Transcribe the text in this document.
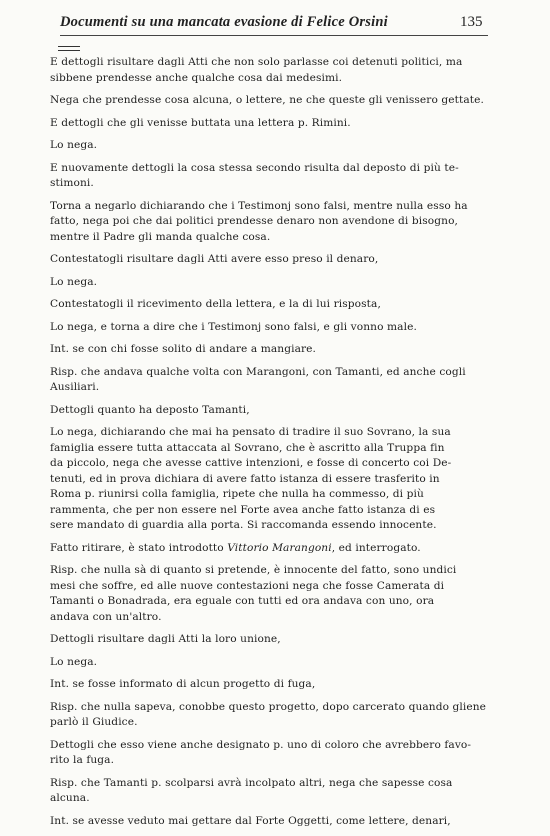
Documenti su una mancata evasione di Felice Orsini	135
E dettogli risultare dagli Atti che non solo parlasse coi detenuti politici, ma
sibbene prendesse anche qualche cosa dai medesimi.
Nega che prendesse cosa alcuna, o lettere, ne che queste gli venissero gettate.
E dettogli che gli venisse buttata una lettera p. Rimini.
Lo nega.
E nuovamente dettogli la cosa stessa secondo risulta dal deposto di più te-
stimoni.
Torna a negarlo dichiarando che i Testimonj sono falsi, mentre nulla esso ha
fatto, nega poi che dai politici prendesse denaro non avendone di bisogno,
mentre il Padre gli manda qualche cosa.
Contestatogli risultare dagli Atti avere esso preso il denaro,
Lo nega.
Contestatogli il ricevimento della lettera, e la di lui risposta,
Lo nega, e torna a dire che i Testimonj sono falsi, e gli vonno male.
Int. se con chi fosse solito di andare a mangiare.
Risp. che andava qualche volta con Marangoni, con Tamanti, ed anche cogli
Ausiliari.
Dettogli quanto ha deposto Tamanti,
Lo nega, dichiarando che mai ha pensato di tradire il suo Sovrano, la sua
famiglia essere tutta attaccata al Sovrano, che è ascritto alla Truppa fin
da piccolo, nega che avesse cattive intenzioni, e fosse di concerto coi De-
tenuti, ed in prova dichiara di avere fatto istanza di essere trasferito in
Roma p. riunirsi colla famiglia, ripete che nulla ha commesso, di più
rammenta, che per non essere nel Forte avea anche fatto istanza di es
sere mandato di guardia alla porta. Si raccomanda essendo innocente.
Fatto ritirare, è stato introdotto Vittorio Marangoni, ed interrogato.
Risp. che nulla sà di quanto si pretende, è innocente del fatto, sono undici
mesi che soffre, ed alle nuove contestazioni nega che fosse Camerata di
Tamanti o Bonadrada, era eguale con tutti ed ora andava con uno, ora
andava con un'altro.
Dettogli risultare dagli Atti la loro unione,
Lo nega.
Int. se fosse informato di alcun progetto di fuga,
Risp. che nulla sapeva, conobbe questo progetto, dopo carcerato quando gliene
parlò il Giudice.
Dettogli che esso viene anche designato p. uno di coloro che avrebbero favo-
rito la fuga.
Risp. che Tamanti p. scolparsi avrà incolpato altri, nega che sapesse cosa
alcuna.
Int. se avesse veduto mai gettare dal Forte Oggetti, come lettere, denari,
